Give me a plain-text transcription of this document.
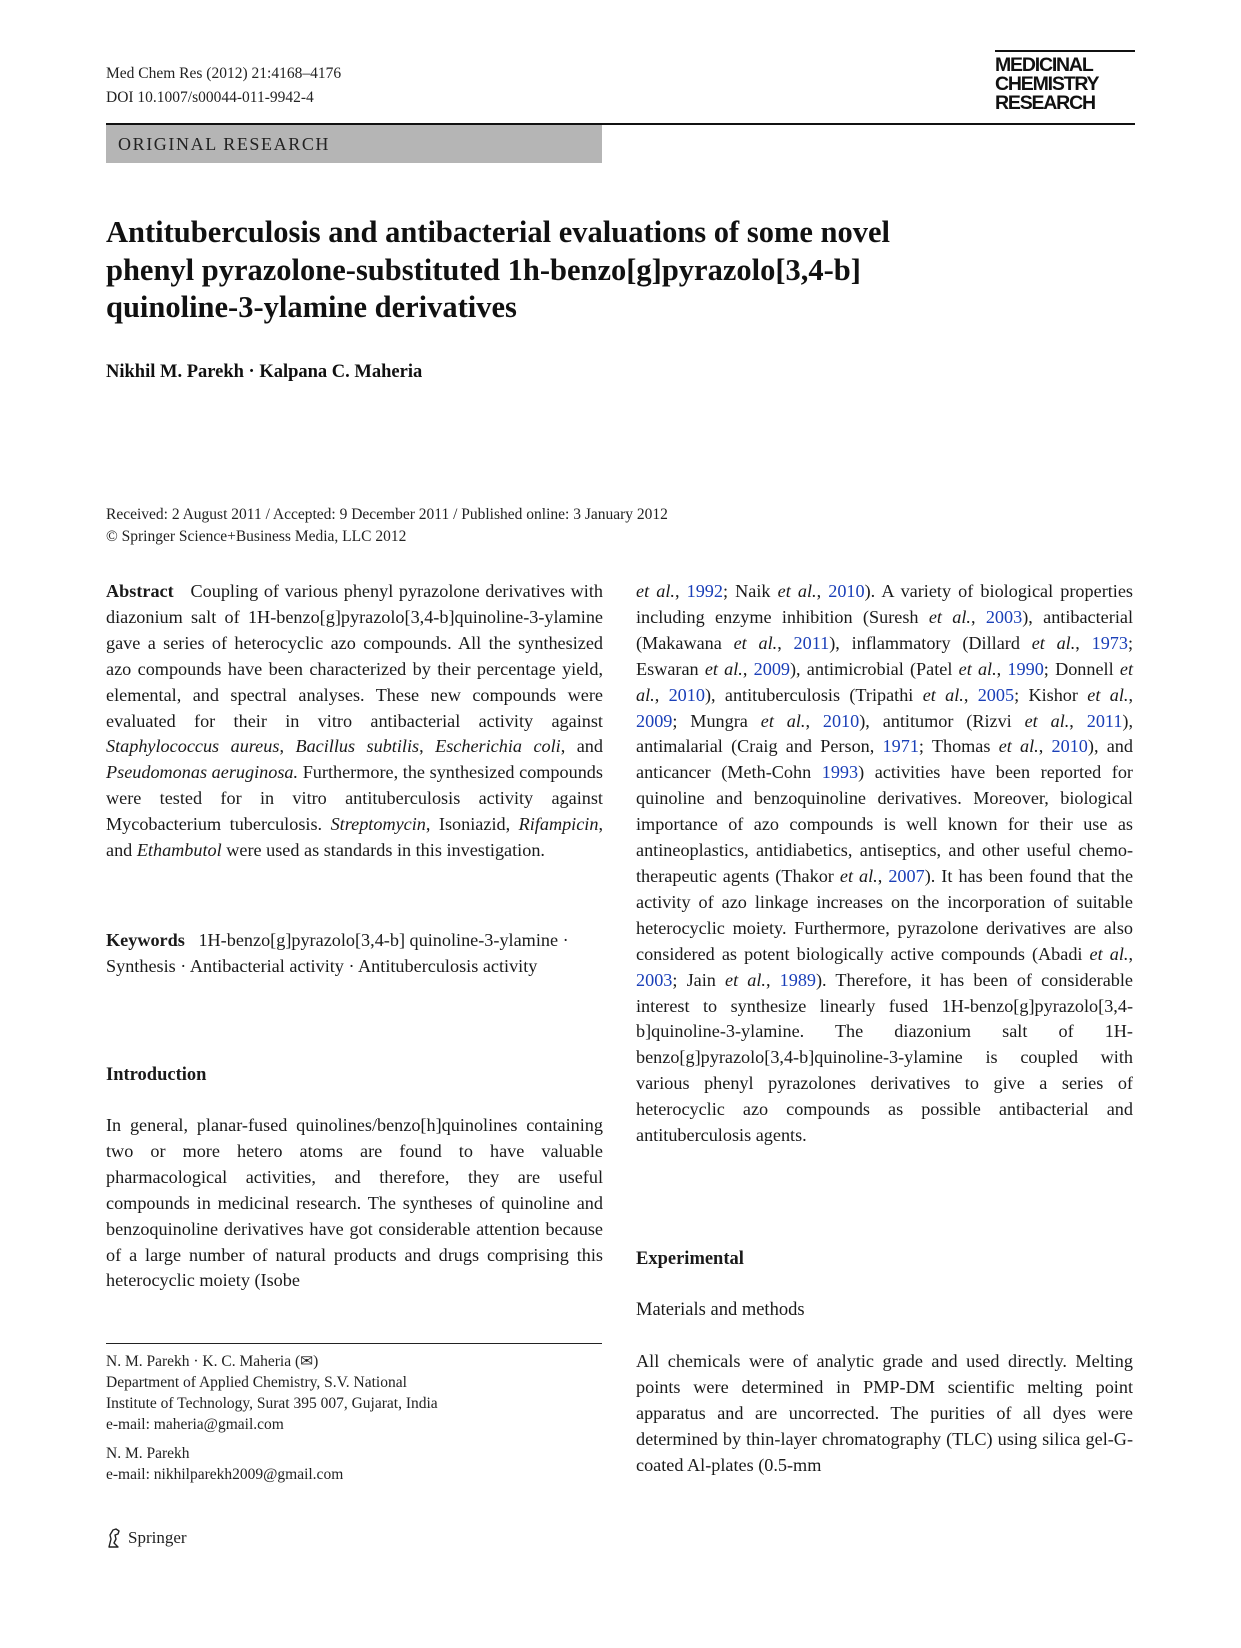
Med Chem Res (2012) 21:4168–4176
DOI 10.1007/s00044-011-9942-4
MEDICINAL
CHEMISTRY
RESEARCH
ORIGINAL RESEARCH
Antituberculosis and antibacterial evaluations of some novel
phenyl pyrazolone-substituted 1h-benzo[g]pyrazolo[3,4-b]
quinoline-3-ylamine derivatives
Nikhil M. Parekh · Kalpana C. Maheria
Received: 2 August 2011 / Accepted: 9 December 2011 / Published online: 3 January 2012
© Springer Science+Business Media, LLC 2012

Abstract Coupling of various phenyl pyrazolone derivatives with diazonium salt of 1H-benzo[g]pyrazolo[3,4-b]quinoline-3-ylamine gave a series of heterocyclic azo compounds. All the synthesized azo compounds have been characterized by their percentage yield, elemental, and spectral analyses. These new compounds were evaluated for their in vitro antibacterial activity against Staphylococcus aureus, Bacillus subtilis, Escherichia coli, and Pseudomonas aeruginosa. Furthermore, the synthesized compounds were tested for in vitro antituberculosis activity against Mycobacterium tuberculosis. Streptomycin, Isoniazid, Rifampicin, and Ethambutol were used as standards in this investigation.

Keywords 1H-benzo[g]pyrazolo[3,4-b] quinoline-3-ylamine · Synthesis · Antibacterial activity · Antituberculosis activity

Introduction

In general, planar-fused quinolines/benzo[h]quinolines containing two or more hetero atoms are found to have valuable pharmacological activities, and therefore, they are useful compounds in medicinal research. The syntheses of quinoline and benzoquinoline derivatives have got considerable attention because of a large number of natural products and drugs comprising this heterocyclic moiety (Isobe

N. M. Parekh · K. C. Maheria (✉)
Department of Applied Chemistry, S.V. National
Institute of Technology, Surat 395 007, Gujarat, India
e-mail: maheria@gmail.com
N. M. Parekh
e-mail: nikhilparekh2009@gmail.com
Springer

et al., 1992; Naik et al., 2010). A variety of biological properties including enzyme inhibition (Suresh et al., 2003), antibacterial (Makawana et al., 2011), inflammatory (Dillard et al., 1973; Eswaran et al., 2009), antimicrobial (Patel et al., 1990; Donnell et al., 2010), antituberculosis (Tripathi et al., 2005; Kishor et al., 2009; Mungra et al., 2010), antitumor (Rizvi et al., 2011), antimalarial (Craig and Person, 1971; Thomas et al., 2010), and anticancer (Meth-Cohn 1993) activities have been reported for quinoline and benzoquinoline derivatives. Moreover, biological importance of azo compounds is well known for their use as antineoplastics, antidiabetics, antiseptics, and other useful chemo-therapeutic agents (Thakor et al., 2007). It has been found that the activity of azo linkage increases on the incorporation of suitable heterocyclic moiety. Furthermore, pyrazolone derivatives are also considered as potent biologically active compounds (Abadi et al., 2003; Jain et al., 1989). Therefore, it has been of considerable interest to synthesize linearly fused 1H-benzo[g]pyrazolo[3,4-b]quinoline-3-ylamine. The diazonium salt of 1H-benzo[g]pyrazolo[3,4-b]quinoline-3-ylamine is coupled with various phenyl pyrazolones derivatives to give a series of heterocyclic azo compounds as possible antibacterial and antituberculosis agents.

Experimental
Materials and methods

All chemicals were of analytic grade and used directly. Melting points were determined in PMP-DM scientific melting point apparatus and are uncorrected. The purities of all dyes were determined by thin-layer chromatography (TLC) using silica gel-G-coated Al-plates (0.5-mm
